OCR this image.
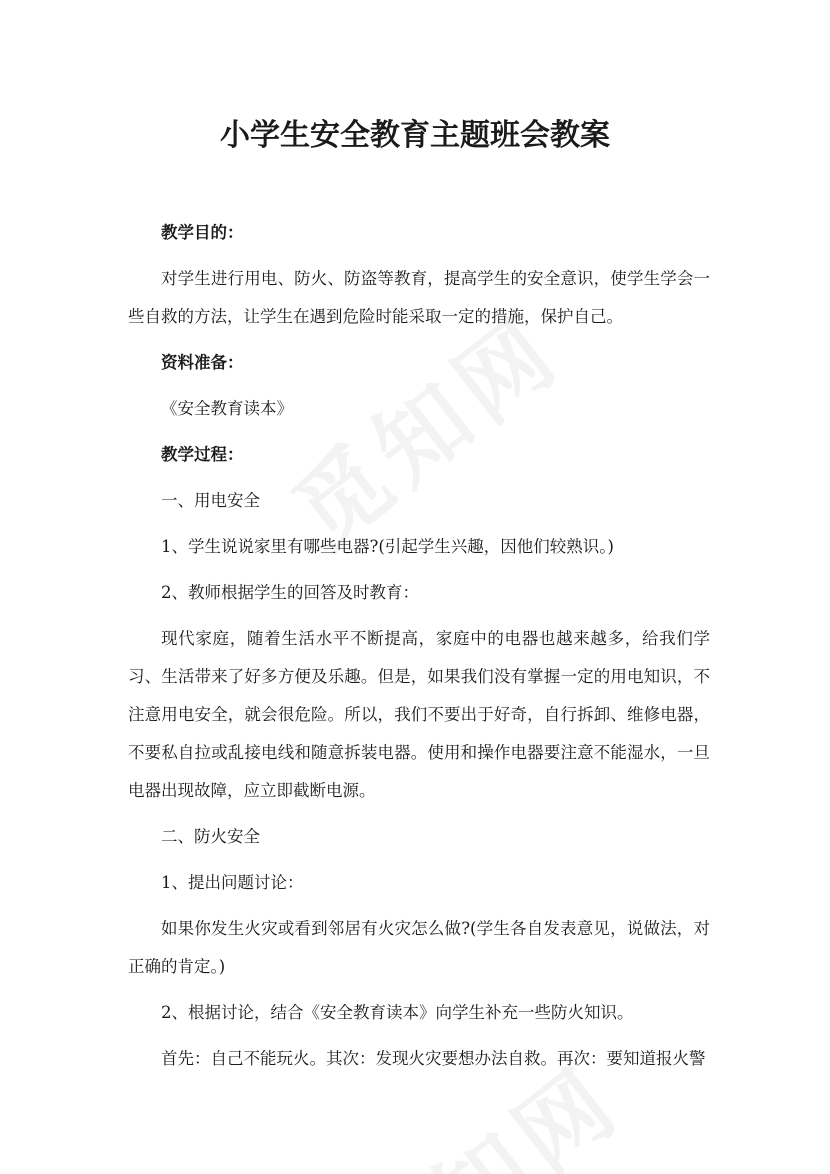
小学生安全教育主题班会教案

教学目的：

对学生进行用电、防火、防盗等教育，提高学生的安全意识，使学生学会一些自救的方法，让学生在遇到危险时能采取一定的措施，保护自己。

资料准备：

《安全教育读本》

教学过程：

一、用电安全

1、学生说说家里有哪些电器?(引起学生兴趣，因他们较熟识。)

2、教师根据学生的回答及时教育：

现代家庭，随着生活水平不断提高，家庭中的电器也越来越多，给我们学习、生活带来了好多方便及乐趣。但是，如果我们没有掌握一定的用电知识，不注意用电安全，就会很危险。所以，我们不要出于好奇，自行拆卸、维修电器，不要私自拉或乱接电线和随意拆装电器。使用和操作电器要注意不能湿水，一旦电器出现故障，应立即截断电源。

二、防火安全

1、提出问题讨论：

如果你发生火灾或看到邻居有火灾怎么做?(学生各自发表意见，说做法，对正确的肯定。)

2、根据讨论，结合《安全教育读本》向学生补充一些防火知识。

首先：自己不能玩火。其次：发现火灾要想办法自救。再次：要知道报火警
